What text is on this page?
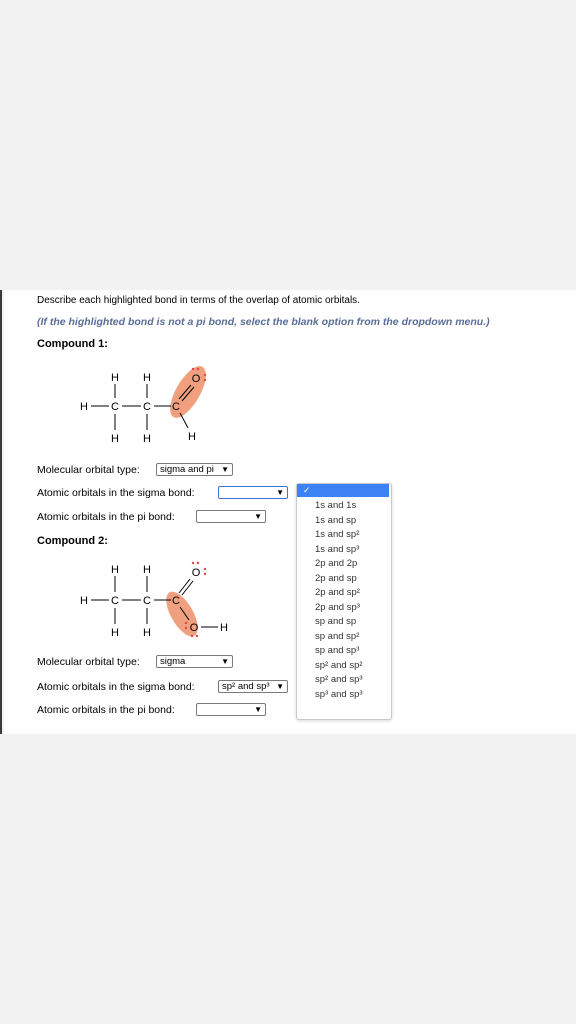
Describe each highlighted bond in terms of the overlap of atomic orbitals.
(If the highlighted bond is not a pi bond, select the blank option from the dropdown menu.)
Compound 1:
H H
H C C C
O
H H	H
Molecular orbital type:	sigma and pi ▼
Atomic orbitals in the sigma bond:	▼
Atomic orbitals in the pi bond:	▼
Compound 2:
H H
H C C C
O
O H
H H
Molecular orbital type:	sigma	▼
Atomic orbitals in the sigma bond:	sp² and sp³ ▼
Atomic orbitals in the pi bond:	▼
✓
1s and 1s
1s and sp
1s and sp²
1s and sp³
2p and 2p
2p and sp
2p and sp²
2p and sp³
sp and sp
sp and sp²
sp and sp³
sp² and sp²
sp² and sp³
sp³ and sp³
